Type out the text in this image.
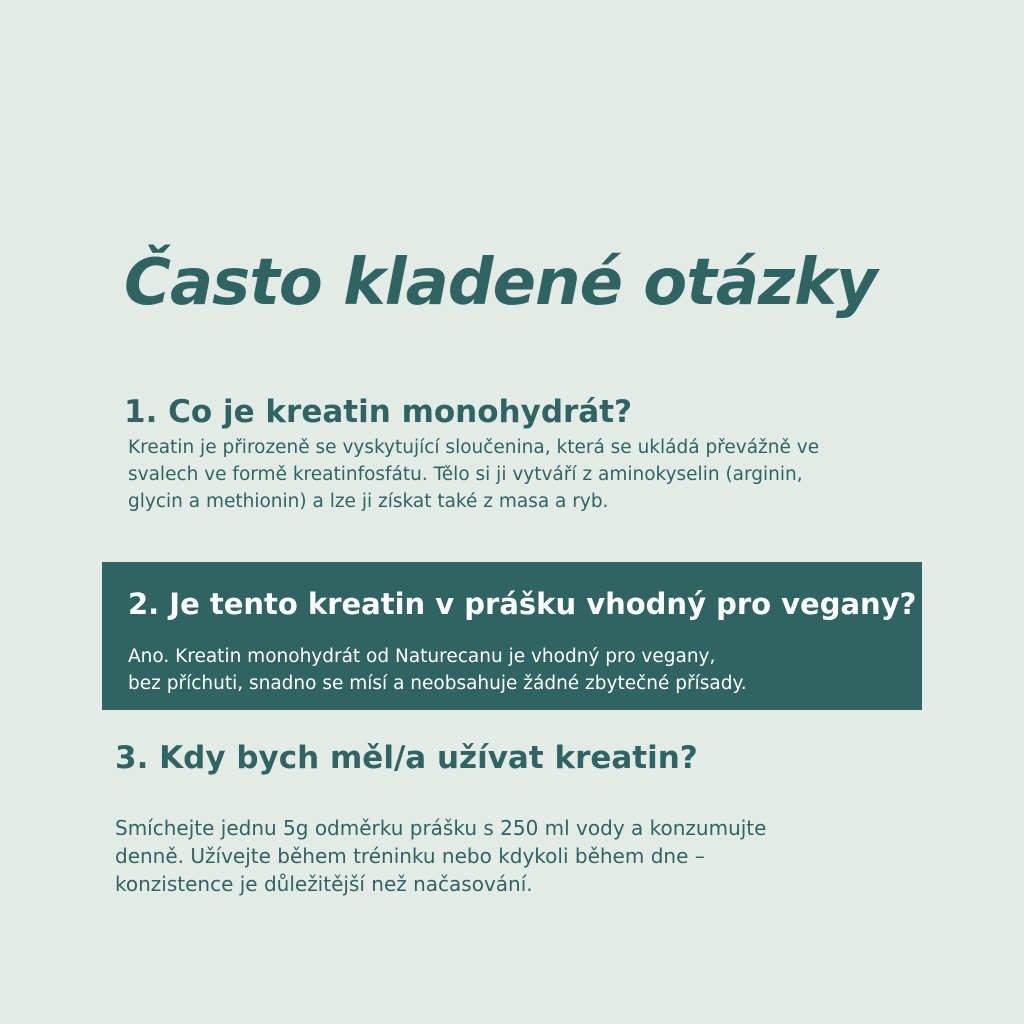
Často kladené otázky
1. Co je kreatin monohydrát?

Kreatin je přirozeně se vyskytující sloučenina, která se ukládá převážně ve
svalech ve formě kreatinfosfátu. Tělo si ji vytváří z aminokyselin (arginin,
glycin a methionin) a lze ji získat také z masa a ryb.

2. Je tento kreatin v prášku vhodný pro vegany?

Ano. Kreatin monohydrát od Naturecanu je vhodný pro vegany,
bez příchuti, snadno se mísí a neobsahuje žádné zbytečné přísady.

3. Kdy bych měl/a užívat kreatin?

Smíchejte jednu 5g odměrku prášku s 250 ml vody a konzumujte
denně. Užívejte během tréninku nebo kdykoli během dne –
konzistence je důležitější než načasování.
